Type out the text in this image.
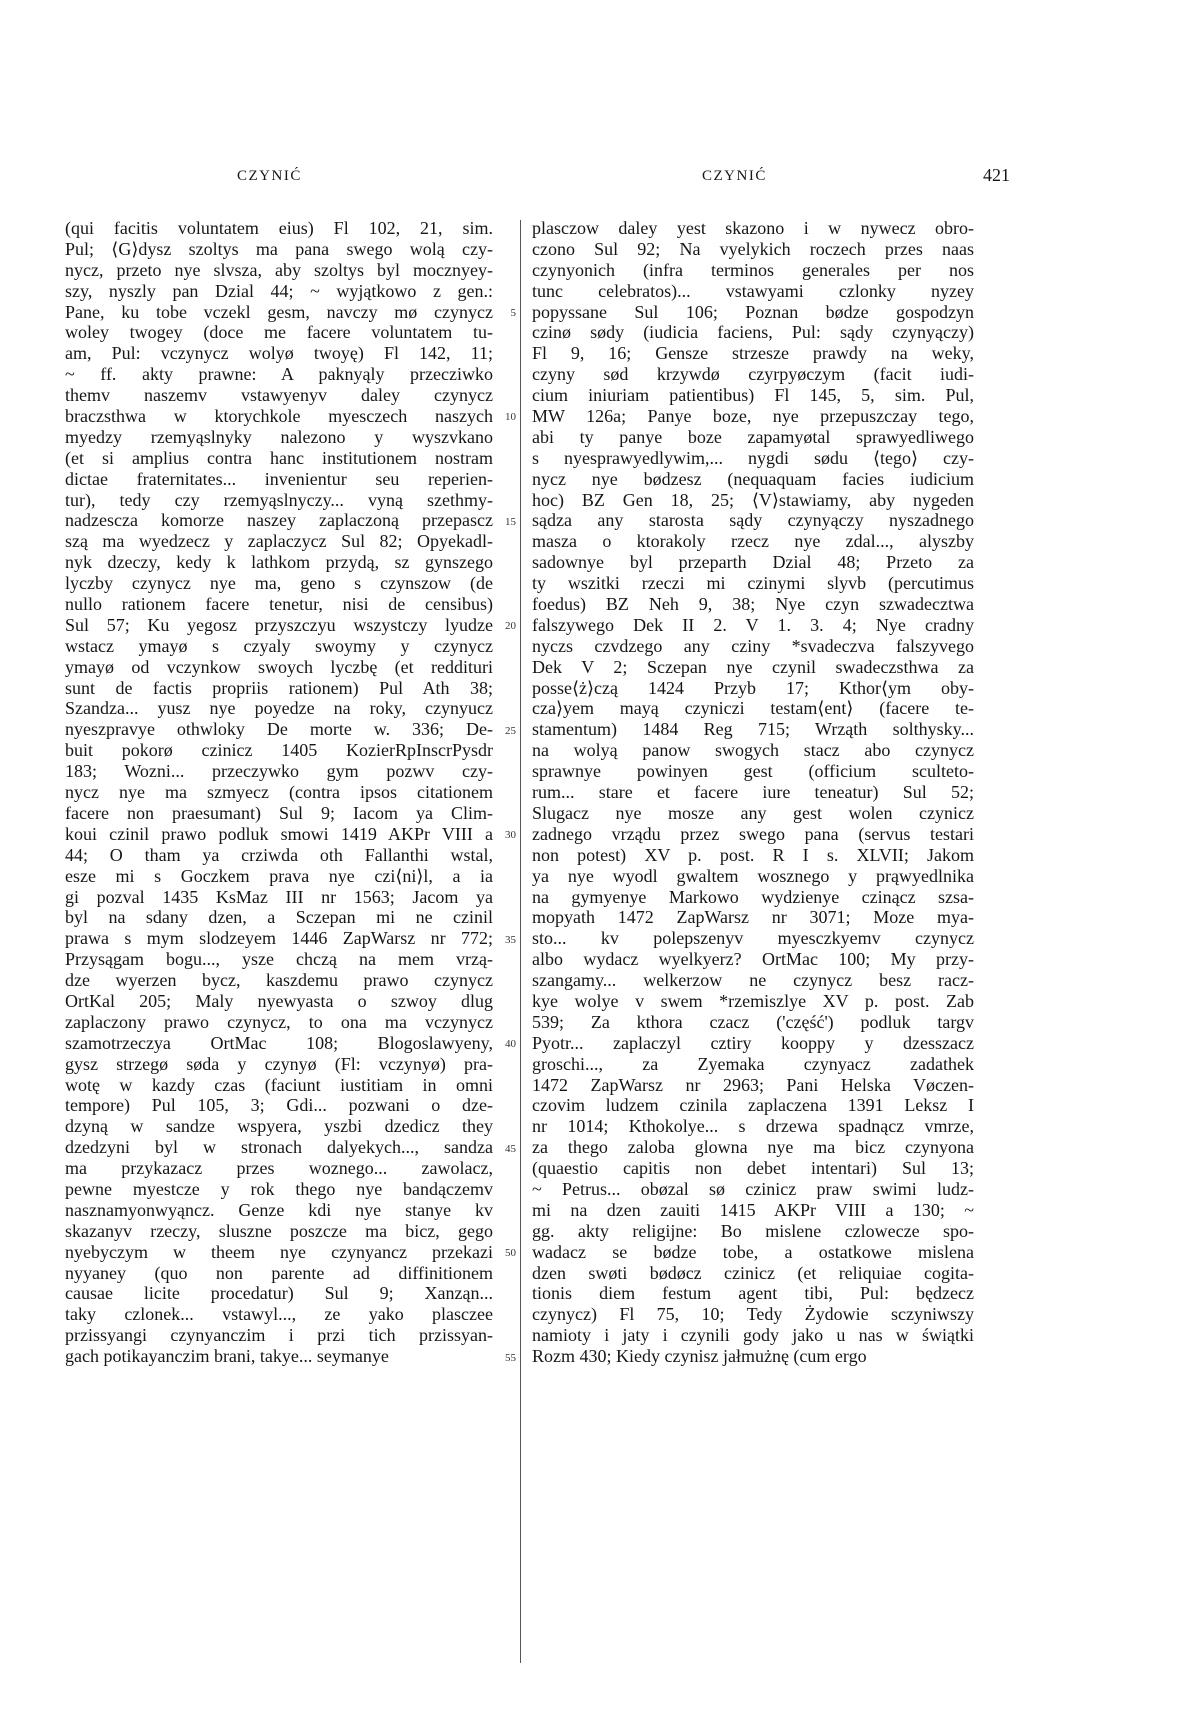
CZYNIĆ	CZYNIĆ	421
(qui facitis voluntatem eius) Fl 102, 21, sim.
Pul; ⟨G⟩dysz szoltys ma pana swego wolą czy-
nycz, przeto nye slvsza, aby szoltys byl mocznyey-
szy, nyszly pan Dzial 44; ~ wyjątkowo z gen.:
Pane, ku tobe vczekl gesm, navczy mø czynycz
woley twogey (doce me facere voluntatem tu-
am, Pul: vczynycz wolyø twoyę) Fl 142, 11;
~ ff. akty prawne: A paknyąly przecziwko
themv naszemv vstawyenyv daley czynycz
braczsthwa w ktorychkole myesczech naszych
myedzy rzemyąslnyky nalezono y wyszvkano
(et si amplius contra hanc institutionem nostram
dictae fraternitates... invenientur seu reperien-
tur), tedy czy rzemyąslnyczy... vyną szethmy-
nadzescza komorze naszey zaplaczoną przepascz
szą ma wyedzecz y zaplaczycz Sul 82; Opyekadl-
nyk dzeczy, kedy k lathkom przydą, sz gynszego
lyczby czynycz nye ma, geno s czynszow (de
nullo rationem facere tenetur, nisi de censibus)
Sul 57; Ku yegosz przyszczyu wszystczy lyudze
wstacz ymayø s czyaly swoymy y czynycz
ymayø od vczynkow swoych lyczbę (et reddituri
sunt de factis propriis rationem) Pul Ath 38;
Szandza... yusz nye poyedze na roky, czynyucz
nyeszpravye othwloky De morte w. 336; De-
buit pokorø czinicz 1405 KozierRpInscrPysdr
183; Wozni... przeczywko gym pozwv czy-
nycz nye ma szmyecz (contra ipsos citationem
facere non praesumant) Sul 9; Iacom ya Clim-
koui czinil prawo podluk smowi 1419 AKPr VIII a
44; O tham ya crziwda oth Fallanthi wstal,
esze mi s Goczkem prava nye czi⟨ni⟩l, a ia
gi pozval 1435 KsMaz III nr 1563; Jacom ya
byl na sdany dzen, a Sczepan mi ne czinil
prawa s mym slodzeyem 1446 ZapWarsz nr 772;
Przysągam bogu..., ysze chczą na mem vrzą-
dze wyerzen bycz, kaszdemu prawo czynycz
OrtKal 205; Maly nyewyasta o szwoy dlug
zaplaczony prawo czynycz, to ona ma vczynycz
szamotrzeczya OrtMac 108; Blogoslawyeny,
gysz strzegø søda y czynyø (Fl: vczynyø) pra-
wotę w kazdy czas (faciunt iustitiam in omni
tempore) Pul 105, 3; Gdi... pozwani o dze-
dzyną w sandze wspyera, yszbi dzedicz they
dzedzyni byl w stronach dalyekych..., sandza
ma przykazacz przes woznego... zawolacz,
pewne myestcze y rok thego nye bandączemv
nasznamyonwyąncz. Genze kdi nye stanye kv
skazanyv rzeczy, sluszne poszcze ma bicz, gego
nyebyczym w theem nye czynyancz przekazi
nyyaney (quo non parente ad diffinitionem
causae licite procedatur) Sul 9; Xanząn...
taky czlonek... vstawyl..., ze yako plasczee
przissyangi czynyanczim i przi tich przissyan-
gach potikayanczim brani, takye... seymanye
5
10
15
20
25
30
35
40
45
50
55
plasczow daley yest skazono i w nywecz obro-
czono Sul 92; Na vyelykich roczech przes naas
czynyonich (infra terminos generales per nos
tunc celebratos)... vstawyami czlonky nyzey
popyssane Sul 106; Poznan bødze gospodzyn
czinø sødy (iudicia faciens, Pul: sądy czynyączy)
Fl 9, 16; Gensze strzesze prawdy na weky,
czyny sød krzywdø czyrpyøczym (facit iudi-
cium iniuriam patientibus) Fl 145, 5, sim. Pul,
MW 126a; Panye boze, nye przepuszczay tego,
abi ty panye boze zapamyøtal sprawyedliwego
s nyesprawyedlywim,... nygdi sødu ⟨tego⟩ czy-
nycz nye bødzesz (nequaquam facies iudicium
hoc) BZ Gen 18, 25; ⟨V⟩stawiamy, aby nygeden
sądza any starosta sądy czynyączy nyszadnego
masza o ktorakoly rzecz nye zdal..., alyszby
sadownye byl przeparth Dzial 48; Przeto za
ty wszitki rzeczi mi czinymi slyvb (percutimus
foedus) BZ Neh 9, 38; Nye czyn szwadecztwa
falszywego Dek II 2. V 1. 3. 4; Nye cradny
nyczs czvdzego any cziny *svadeczva falszyvego
Dek V 2; Sczepan nye czynil swadeczsthwa za
posse⟨ż⟩czą 1424 Przyb 17; Kthor⟨ym oby-
cza⟩yem mayą czyniczi testam⟨ent⟩ (facere te-
stamentum) 1484 Reg 715; Wrząth solthysky...
na wolyą panow swogych stacz abo czynycz
sprawnye powinyen gest (officium sculteto-
rum... stare et facere iure teneatur) Sul 52;
Slugacz nye mosze any gest wolen czynicz
zadnego vrządu przez swego pana (servus testari
non potest) XV p. post. R I s. XLVII; Jakom
ya nye wyodl gwaltem wosznego y prąwyedlnika
na gymyenye Markowo wydzienye czinącz szsa-
mopyath 1472 ZapWarsz nr 3071; Moze mya-
sto... kv polepszenyv myesczkyemv czynycz
albo wydacz wyelkyerz? OrtMac 100; My przy-
szangamy... welkerzow ne czynycz besz racz-
kye wolye v swem *rzemiszlye XV p. post. Zab
539; Za kthora czacz ('część') podluk targv
Pyotr... zaplaczyl cztiry kooppy y dzesszacz
groschi..., za Zyemaka czynyacz zadathek
1472 ZapWarsz nr 2963; Pani Helska Vøczen-
czovim ludzem czinila zaplaczena 1391 Leksz I
nr 1014; Kthokolye... s drzewa spadnącz vmrze,
za thego zaloba glowna nye ma bicz czynyona
(quaestio capitis non debet intentari) Sul 13;
~ Petrus... obøzal sø czinicz praw swimi ludz-
mi na dzen zauiti 1415 AKPr VIII a 130; ~
gg. akty religijne: Bo mislene czlowecze spo-
wadacz se bødze tobe, a ostatkowe mislena
dzen swøti bødøcz czinicz (et reliquiae cogita-
tionis diem festum agent tibi, Pul: będzecz
czynycz) Fl 75, 10; Tedy Żydowie sczyniwszy
namioty i jaty i czynili gody jako u nas w świątki
Rozm 430; Kiedy czynisz jałmużnę (cum ergo
